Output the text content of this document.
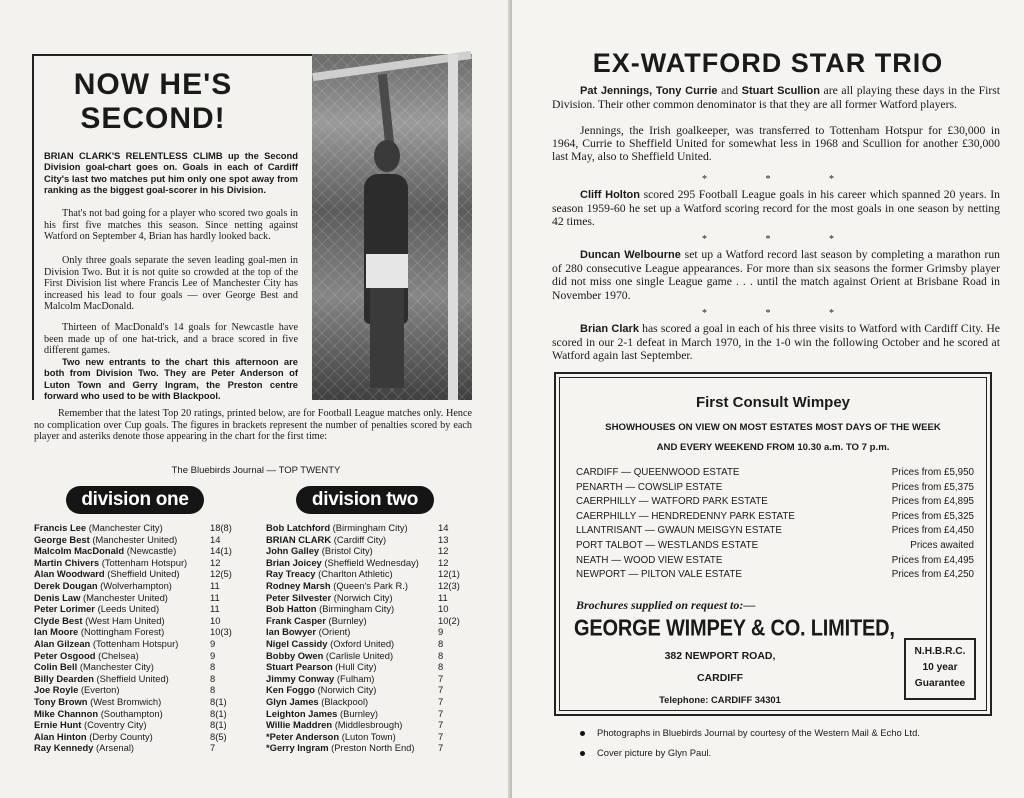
NOW HE'S
SECOND!
BRIAN CLARK'S RELENTLESS CLIMB up the Second Division goal-chart goes on. Goals in each of Cardiff City's last two matches put him only one spot away from ranking as the biggest goal-scorer in his Division.
That's not bad going for a player who scored two goals in his first five matches this season. Since netting against Watford on September 4, Brian has hardly looked back.
Only three goals separate the seven leading goal-men in Division Two. But it is not quite so crowded at the top of the First Division list where Francis Lee of Manchester City has increased his lead to four goals — over George Best and Malcolm MacDonald.
Thirteen of MacDonald's 14 goals for Newcastle have been made up of one hat-trick, and a brace scored in five different games.
Two new entrants to the chart this afternoon are both from Division Two. They are Peter Anderson of Luton Town and Gerry Ingram, the Preston centre forward who used to be with Blackpool.
Remember that the latest Top 20 ratings, printed below, are for Football League matches only. Hence no complication over Cup goals. The figures in brackets represent the number of penalties scored by each player and asteriks denote those appearing in the chart for the first time:
The Bluebirds Journal — TOP TWENTY
division one	division two
Francis Lee (Manchester City)	18(8)
George Best (Manchester United)	14
Malcolm MacDonald (Newcastle)	14(1)
Martin Chivers (Tottenham Hotspur)	12
Alan Woodward (Sheffield United)	12(5)
Derek Dougan (Wolverhampton)	11
Denis Law (Manchester United)	11
Peter Lorimer (Leeds United)	11
Clyde Best (West Ham United)	10
Ian Moore (Nottingham Forest)	10(3)
Alan Gilzean (Tottenham Hotspur)	9
Peter Osgood (Chelsea)	9
Colin Bell (Manchester City)	8
Billy Dearden (Sheffield United)	8
Joe Royle (Everton)	8
Tony Brown (West Bromwich)	8(1)
Mike Channon (Southampton)	8(1)
Ernie Hunt (Coventry City)	8(1)
Alan Hinton (Derby County)	8(5)
Ray Kennedy (Arsenal)	7
Bob Latchford (Birmingham City)	14
BRIAN CLARK (Cardiff City)	13
John Galley (Bristol City)	12
Brian Joicey (Sheffield Wednesday)	12
Ray Treacy (Charlton Athletic)	12(1)
Rodney Marsh (Queen's Park R.)	12(3)
Peter Silvester (Norwich City)	11
Bob Hatton (Birmingham City)	10
Frank Casper (Burnley)	10(2)
Ian Bowyer (Orient)	9
Nigel Cassidy (Oxford United)	8
Bobby Owen (Carlisle United)	8
Stuart Pearson (Hull City)	8
Jimmy Conway (Fulham)	7
Ken Foggo (Norwich City)	7
Glyn James (Blackpool)	7
Leighton James (Burnley)	7
Willie Maddren (Middlesbrough)	7
*Peter Anderson (Luton Town)	7
*Gerry Ingram (Preston North End)	7
EX-WATFORD STAR TRIO
Pat Jennings, Tony Currie and Stuart Scullion are all playing these days in the First Division. Their other common denominator is that they are all former Watford players.
Jennings, the Irish goalkeeper, was transferred to Tottenham Hotspur for £30,000 in 1964, Currie to Sheffield United for somewhat less in 1968 and Scullion for another £30,000 last May, also to Sheffield United.
* * *
Cliff Holton scored 295 Football League goals in his career which spanned 20 years. In season 1959-60 he set up a Watford scoring record for the most goals in one season by netting 42 times.
* * *
Duncan Welbourne set up a Watford record last season by completing a marathon run of 280 consecutive League appearances. For more than six seasons the former Grimsby player did not miss one single League game . . . until the match against Orient at Brisbane Road in November 1970.
* * *
Brian Clark has scored a goal in each of his three visits to Watford with Cardiff City. He scored in our 2-1 defeat in March 1970, in the 1-0 win the following October and he scored at Watford again last September.
First Consult Wimpey
SHOWHOUSES ON VIEW ON MOST ESTATES MOST DAYS OF THE WEEK
AND EVERY WEEKEND FROM 10.30 a.m. TO 7 p.m.
CARDIFF — QUEENWOOD ESTATE	Prices from £5,950
PENARTH — COWSLIP ESTATE	Prices from £5,375
CAERPHILLY — WATFORD PARK ESTATE	Prices from £4,895
CAERPHILLY — HENDREDENNY PARK ESTATE	Prices from £5,325
LLANTRISANT — GWAUN MEISGYN ESTATE	Prices from £4,450
PORT TALBOT — WESTLANDS ESTATE	Prices awaited
NEATH — WOOD VIEW ESTATE	Prices from £4,495
NEWPORT — PILTON VALE ESTATE	Prices from £4,250
Brochures supplied on request to:—
GEORGE WIMPEY & CO. LIMITED,
382 NEWPORT ROAD,
CARDIFF
Telephone: CARDIFF 34301
N.H.B.R.C.
10 year
Guarantee
Photographs in Bluebirds Journal by courtesy of the Western Mail & Echo Ltd.
Cover picture by Glyn Paul.
